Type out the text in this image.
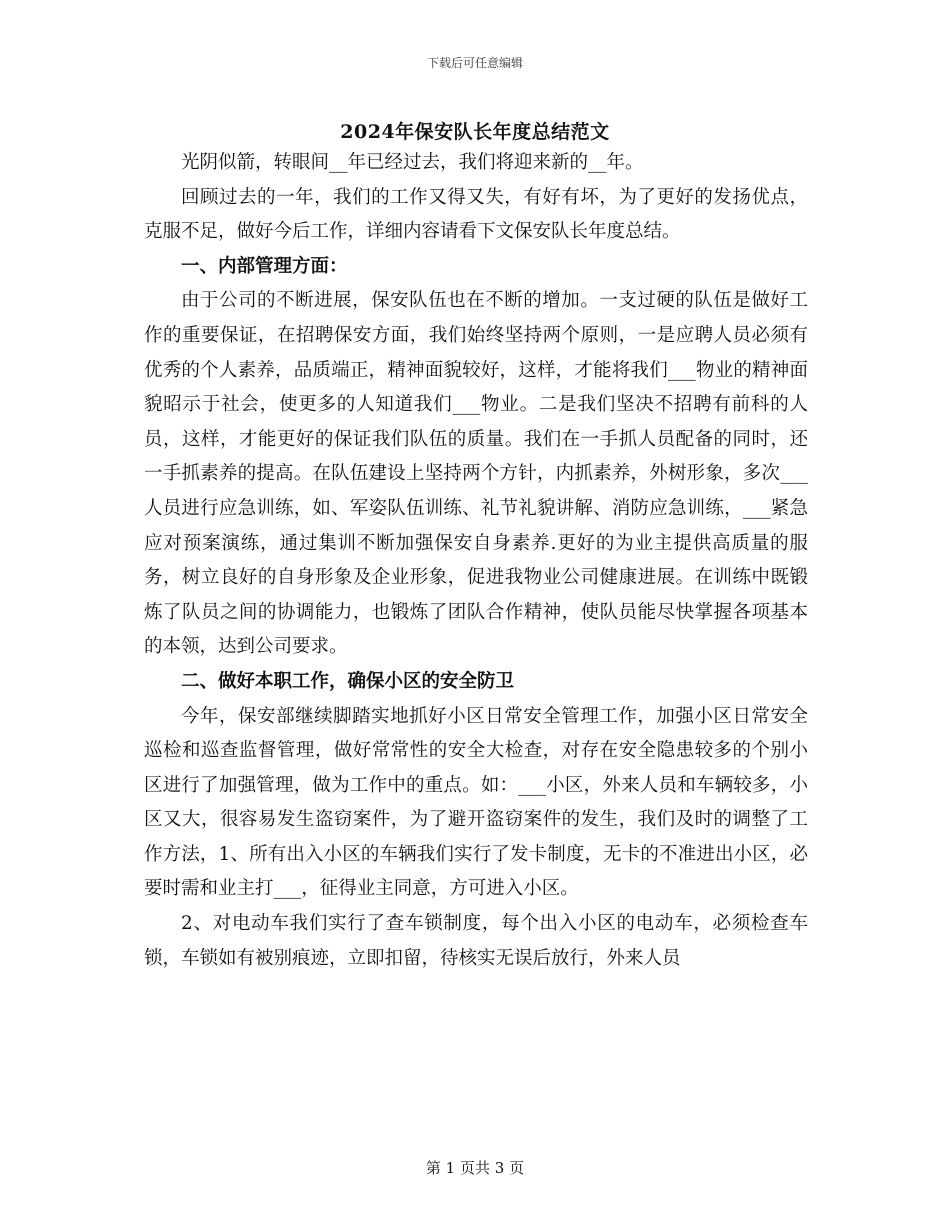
下载后可任意编辑
2024年保安队长年度总结范文

光阴似箭，转眼间__年已经过去，我们将迎来新的__年。

回顾过去的一年，我们的工作又得又失，有好有坏，为了更好的发扬优点，克服不足，做好今后工作，详细内容请看下文保安队长年度总结。

一、内部管理方面：

由于公司的不断进展，保安队伍也在不断的增加。一支过硬的队伍是做好工作的重要保证，在招聘保安方面，我们始终坚持两个原则，一是应聘人员必须有优秀的个人素养，品质端正，精神面貌较好，这样，才能将我们___物业的精神面貌昭示于社会，使更多的人知道我们___物业。二是我们坚决不招聘有前科的人员，这样，才能更好的保证我们队伍的质量。我们在一手抓人员配备的同时，还一手抓素养的提高。在队伍建设上坚持两个方针，内抓素养，外树形象，多次___人员进行应急训练，如、军姿队伍训练、礼节礼貌讲解、消防应急训练，___紧急应对预案演练，通过集训不断加强保安自身素养.更好的为业主提供高质量的服务，树立良好的自身形象及企业形象，促进我物业公司健康进展。在训练中既锻炼了队员之间的协调能力，也锻炼了团队合作精神，使队员能尽快掌握各项基本的本领，达到公司要求。

二、做好本职工作，确保小区的安全防卫

今年，保安部继续脚踏实地抓好小区日常安全管理工作，加强小区日常安全巡检和巡查监督管理，做好常常性的安全大检查，对存在安全隐患较多的个别小区进行了加强管理，做为工作中的重点。如：___小区，外来人员和车辆较多，小区又大，很容易发生盗窃案件，为了避开盗窃案件的发生，我们及时的调整了工作方法，1、所有出入小区的车辆我们实行了发卡制度，无卡的不准进出小区，必要时需和业主打___，征得业主同意，方可进入小区。

2、对电动车我们实行了查车锁制度，每个出入小区的电动车，必须检查车锁，车锁如有被别痕迹，立即扣留，待核实无误后放行，外来人员

第 1 页共 3 页
